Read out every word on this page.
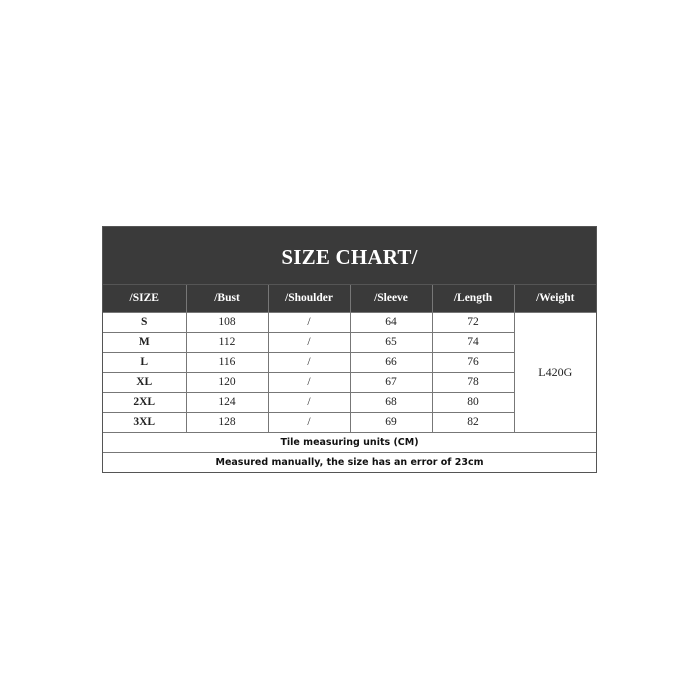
SIZE CHART/
/SIZE	/Bust	/Shoulder	/Sleeve	/Length	/Weight
S	108	/	64	72	L420G
M	112	/	65	74	
L	116	/	66	76	
XL	120	/	67	78	
2XL	124	/	68	80	
3XL	128	/	69	82	
Tile measuring units (CM)					
Measured manually, the size has an error of 23cm					
